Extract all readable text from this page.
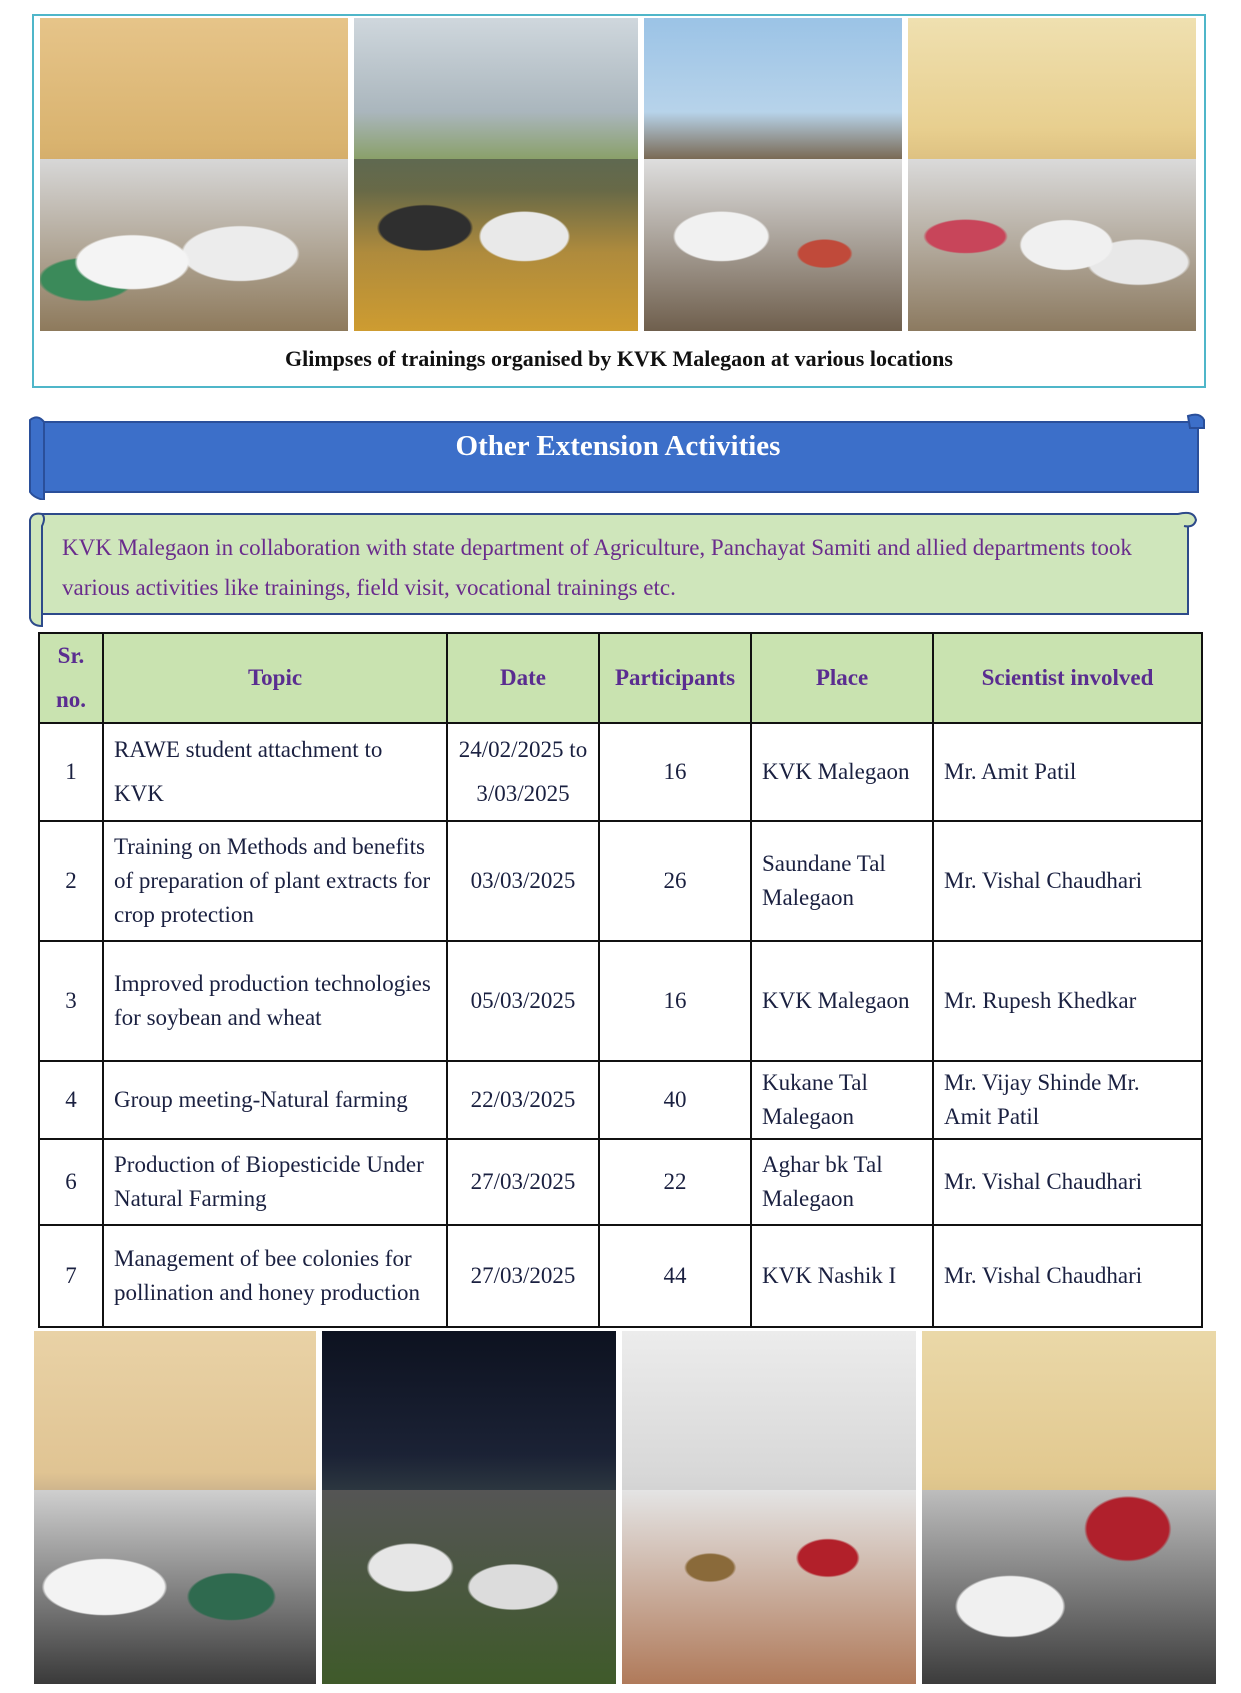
Glimpses of trainings organised by KVK Malegaon at various locations
Other Extension Activities
KVK Malegaon in collaboration with state department of Agriculture, Panchayat Samiti and allied departments took various activities like trainings, field visit, vocational trainings etc.
Sr. no.	Topic	Date	Participants	Place	Scientist involved
1	RAWE student attachment to KVK	24/02/2025 to 3/03/2025	16	KVK Malegaon	Mr. Amit Patil
2	Training on Methods and benefits of preparation of plant extracts for crop protection	03/03/2025	26	Saundane Tal Malegaon	Mr. Vishal Chaudhari
3	Improved production technologies for soybean and wheat	05/03/2025	16	KVK Malegaon	Mr. Rupesh Khedkar
4	Group meeting-Natural farming	22/03/2025	40	Kukane Tal Malegaon	Mr. Vijay Shinde Mr. Amit Patil
6	Production of Biopesticide Under Natural Farming	27/03/2025	22	Aghar bk Tal Malegaon	Mr. Vishal Chaudhari
7	Management of bee colonies for pollination and honey production	27/03/2025	44	KVK Nashik I	Mr. Vishal Chaudhari
